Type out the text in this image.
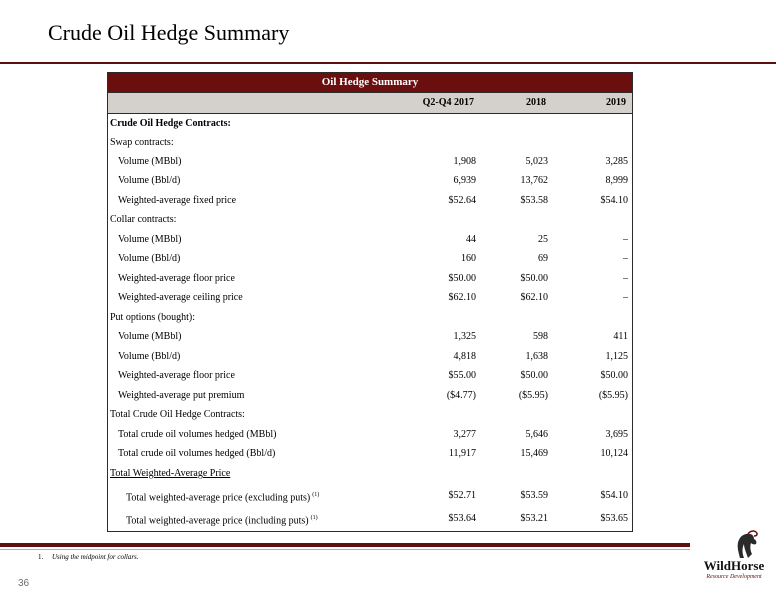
Crude Oil Hedge Summary
Oil Hedge Summary
Q2-Q4 2017	2018	2019
Crude Oil Hedge Contracts:
Swap contracts:
Volume (MBbl)	1,908	5,023	3,285
Volume (Bbl/d)	6,939	13,762	8,999
Weighted-average fixed price	$52.64	$53.58	$54.10
Collar contracts:
Volume (MBbl)	44	25	–
Volume (Bbl/d)	160	69	–
Weighted-average floor price	$50.00	$50.00	–
Weighted-average ceiling price	$62.10	$62.10	–
Put options (bought):
Volume (MBbl)	1,325	598	411
Volume (Bbl/d)	4,818	1,638	1,125
Weighted-average floor price	$55.00	$50.00	$50.00
Weighted-average put premium	($4.77)	($5.95)	($5.95)
Total Crude Oil Hedge Contracts:
Total crude oil volumes hedged (MBbl)	3,277	5,646	3,695
Total crude oil volumes hedged (Bbl/d)	11,917	15,469	10,124
Total Weighted-Average Price
Total weighted-average price (excluding puts) $^{(1)}$	$52.71	$53.59	$54.10
Total weighted-average price (including puts) $^{(1)}$	$53.64	$53.21	$53.65
1. Using the midpoint for collars.
36
WildHorse
Resource Development
